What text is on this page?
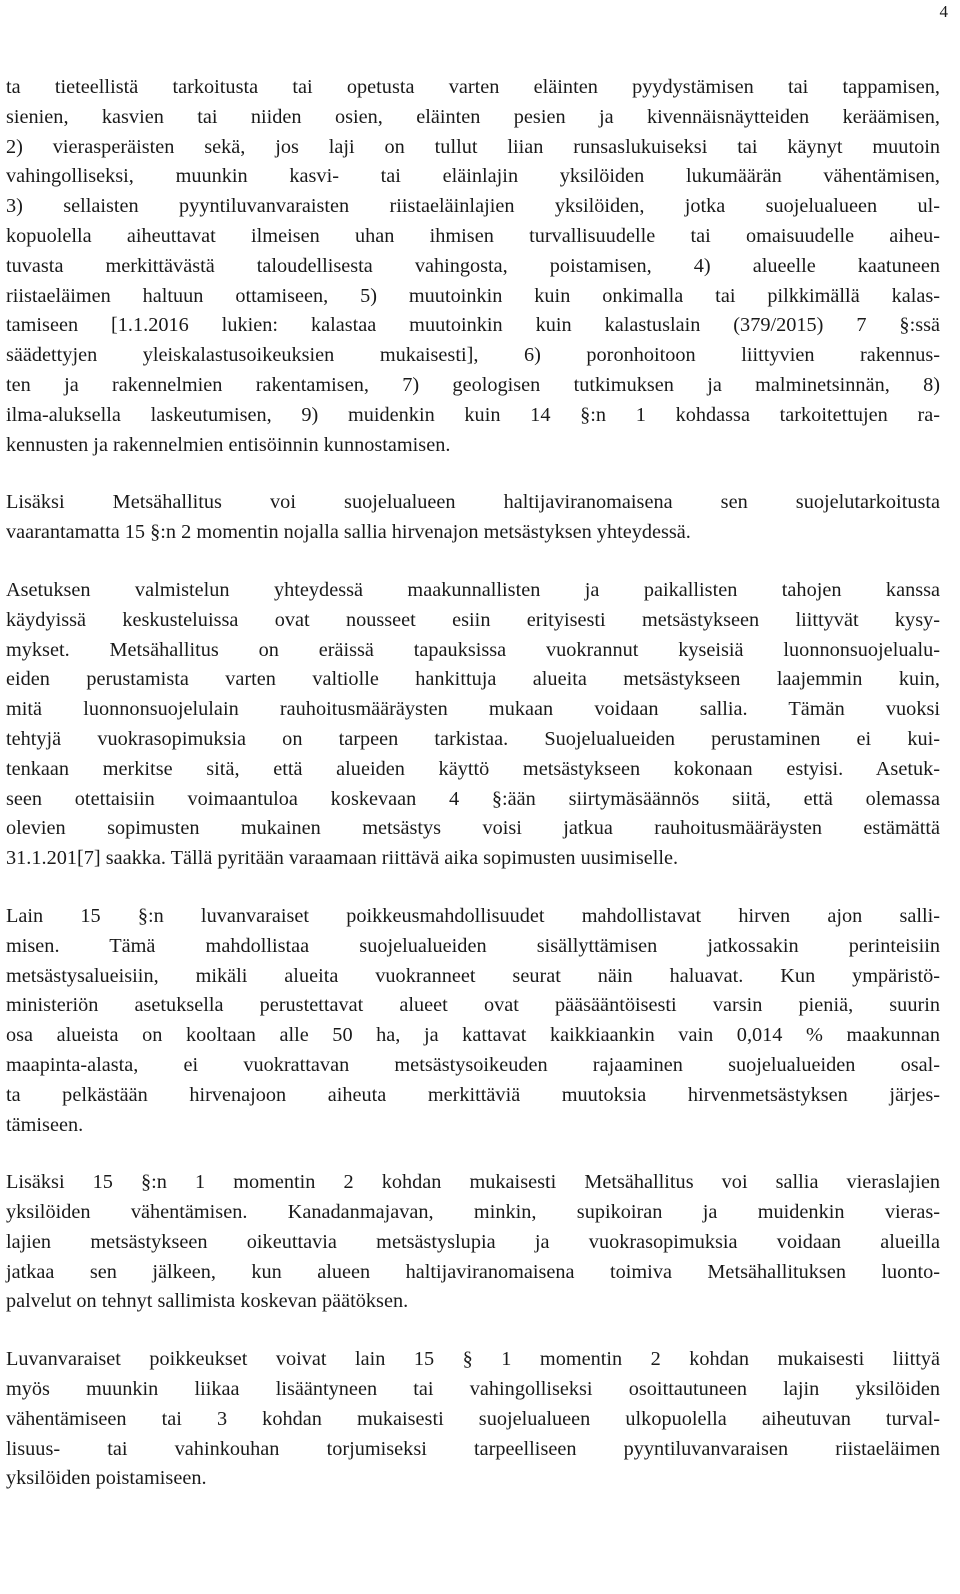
4

ta tieteellistä tarkoitusta tai opetusta varten eläinten pyydystämisen tai tappamisen,
sienien, kasvien tai niiden osien, eläinten pesien ja kivennäisnäytteiden keräämisen,
2) vierasperäisten sekä, jos laji on tullut liian runsaslukuiseksi tai käynyt muutoin
vahingolliseksi, muunkin kasvi- tai eläinlajin yksilöiden lukumäärän vähentämisen,
3) sellaisten pyyntiluvanvaraisten riistaeläinlajien yksilöiden, jotka suojelualueen ul-
kopuolella aiheuttavat ilmeisen uhan ihmisen turvallisuudelle tai omaisuudelle aiheu-
tuvasta merkittävästä taloudellisesta vahingosta, poistamisen, 4) alueelle kaatuneen
riistaeläimen haltuun ottamiseen, 5) muutoinkin kuin onkimalla tai pilkkimällä kalas-
tamiseen [1.1.2016 lukien: kalastaa muutoinkin kuin kalastuslain (379/2015) 7 §:ssä
säädettyjen yleiskalastusoikeuksien mukaisesti], 6) poronhoitoon liittyvien rakennus-
ten ja rakennelmien rakentamisen, 7) geologisen tutkimuksen ja malminetsinnän, 8)
ilma-aluksella laskeutumisen, 9) muidenkin kuin 14 §:n 1 kohdassa tarkoitettujen ra-
kennusten ja rakennelmien entisöinnin kunnostamisen.

Lisäksi Metsähallitus voi suojelualueen haltijaviranomaisena sen suojelutarkoitusta
vaarantamatta 15 §:n 2 momentin nojalla sallia hirvenajon metsästyksen yhteydessä.

Asetuksen valmistelun yhteydessä maakunnallisten ja paikallisten tahojen kanssa
käydyissä keskusteluissa ovat nousseet esiin erityisesti metsästykseen liittyvät kysy-
mykset. Metsähallitus on eräissä tapauksissa vuokrannut kyseisiä luonnonsuojelualu-
eiden perustamista varten valtiolle hankittuja alueita metsästykseen laajemmin kuin,
mitä luonnonsuojelulain rauhoitusmääräysten mukaan voidaan sallia. Tämän vuoksi
tehtyjä vuokrasopimuksia on tarpeen tarkistaa. Suojelualueiden perustaminen ei kui-
tenkaan merkitse sitä, että alueiden käyttö metsästykseen kokonaan estyisi. Asetuk-
seen otettaisiin voimaantuloa koskevaan 4 §:ään siirtymäsäännös siitä, että olemassa
olevien sopimusten mukainen metsästys voisi jatkua rauhoitusmääräysten estämättä
31.1.201[7] saakka. Tällä pyritään varaamaan riittävä aika sopimusten uusimiselle.

Lain 15 §:n luvanvaraiset poikkeusmahdollisuudet mahdollistavat hirven ajon salli-
misen. Tämä mahdollistaa suojelualueiden sisällyttämisen jatkossakin perinteisiin
metsästysalueisiin, mikäli alueita vuokranneet seurat näin haluavat. Kun ympäristö-
ministeriön asetuksella perustettavat alueet ovat pääsääntöisesti varsin pieniä, suurin
osa alueista on kooltaan alle 50 ha, ja kattavat kaikkiaankin vain 0,014 % maakunnan
maapinta-alasta, ei vuokrattavan metsästysoikeuden rajaaminen suojelualueiden osal-
ta pelkästään hirvenajoon aiheuta merkittäviä muutoksia hirvenmetsästyksen järjes-
tämiseen.

Lisäksi 15 §:n 1 momentin 2 kohdan mukaisesti Metsähallitus voi sallia vieraslajien
yksilöiden vähentämisen. Kanadanmajavan, minkin, supikoiran ja muidenkin vieras-
lajien metsästykseen oikeuttavia metsästyslupia ja vuokrasopimuksia voidaan alueilla
jatkaa sen jälkeen, kun alueen haltijaviranomaisena toimiva Metsähallituksen luonto-
palvelut on tehnyt sallimista koskevan päätöksen.

Luvanvaraiset poikkeukset voivat lain 15 § 1 momentin 2 kohdan mukaisesti liittyä
myös muunkin liikaa lisääntyneen tai vahingolliseksi osoittautuneen lajin yksilöiden
vähentämiseen tai 3 kohdan mukaisesti suojelualueen ulkopuolella aiheutuvan turval-
lisuus- tai vahinkouhan torjumiseksi tarpeelliseen pyyntiluvanvaraisen riistaeläimen
yksilöiden poistamiseen.
